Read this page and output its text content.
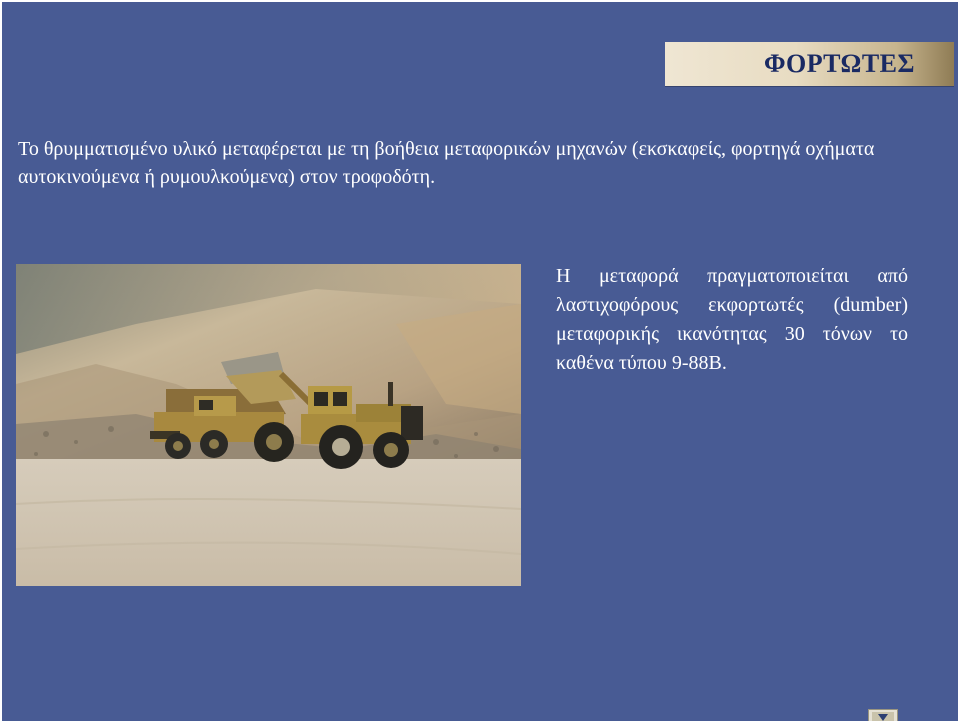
ΦΟΡΤΩΤΕΣ

Το θρυμματισμένο υλικό μεταφέρεται με τη βοήθεια μεταφορικών μηχανών (εκσκαφείς, φορτηγά οχήματα αυτοκινούμενα ή ρυμουλκούμενα) στον τροφοδότη.

Η μεταφορά πραγματοποιείται από λαστιχοφόρους εκφορτωτές (dumber) μεταφορικής ικανότητας 30 τόνων το καθένα τύπου 9-88B.
